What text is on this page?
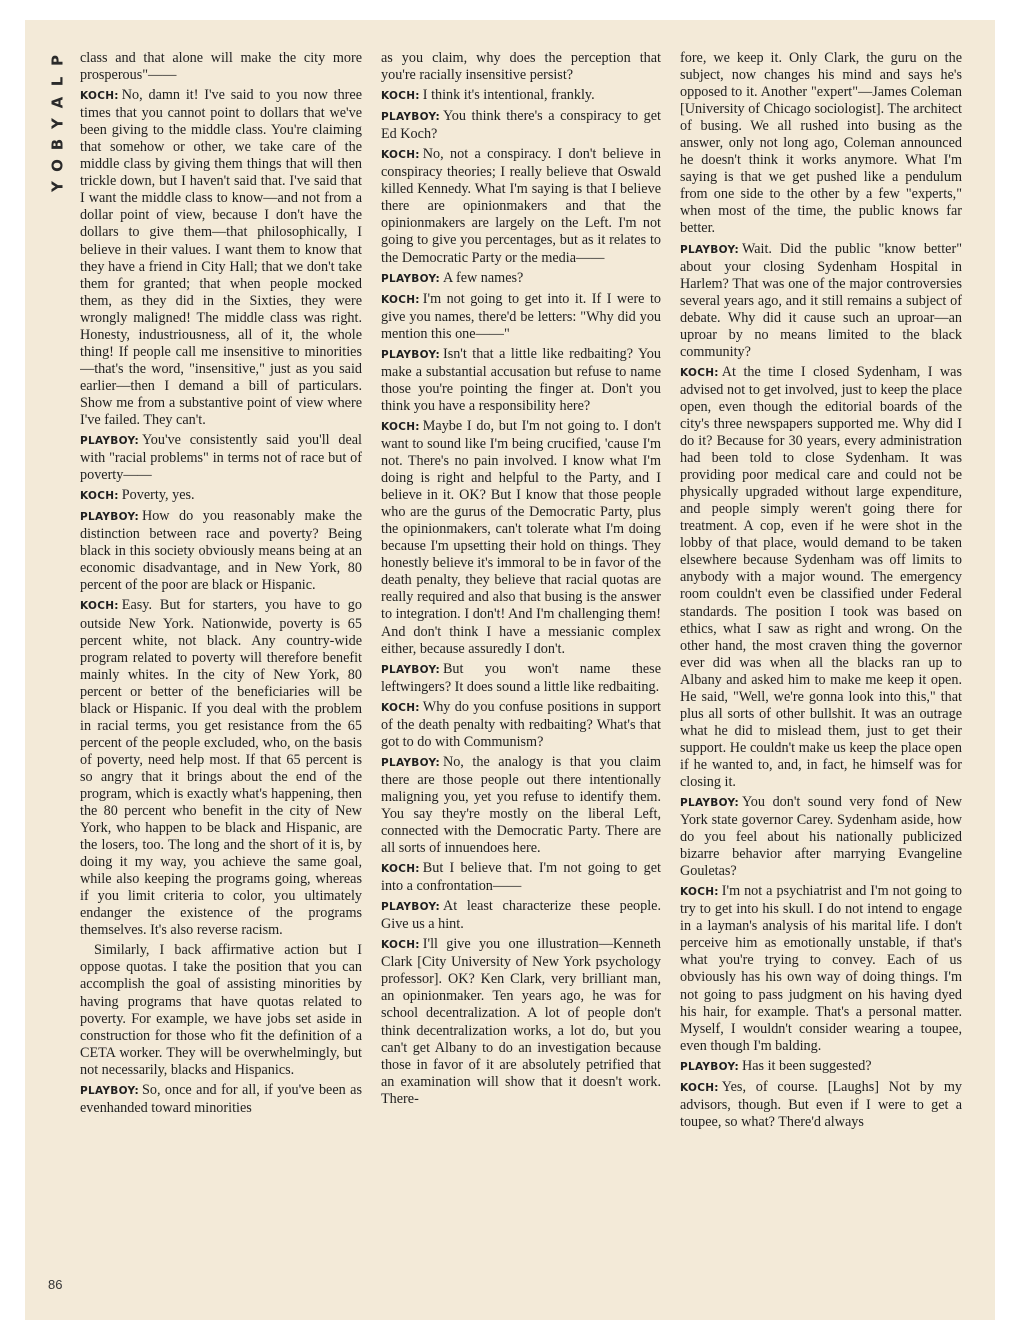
P
L
A
Y
B
O
Y
86

class and that alone will make the city more prosperous"——

KOCH: No, damn it! I've said to you now three times that you cannot point to dollars that we've been giving to the middle class. You're claiming that somehow or other, we take care of the middle class by giving them things that will then trickle down, but I haven't said that. I've said that I want the middle class to know—and not from a dollar point of view, because I don't have the dollars to give them—that philosophically, I believe in their values. I want them to know that they have a friend in City Hall; that we don't take them for granted; that when people mocked them, as they did in the Sixties, they were wrongly maligned! The middle class was right. Honesty, industriousness, all of it, the whole thing! If people call me insensitive to minorities—that's the word, "insensitive," just as you said earlier—then I demand a bill of particulars. Show me from a substantive point of view where I've failed. They can't.

PLAYBOY: You've consistently said you'll deal with "racial problems" in terms not of race but of poverty——

KOCH: Poverty, yes.

PLAYBOY: How do you reasonably make the distinction between race and poverty? Being black in this society obviously means being at an economic disadvantage, and in New York, 80 percent of the poor are black or Hispanic.

KOCH: Easy. But for starters, you have to go outside New York. Nationwide, poverty is 65 percent white, not black. Any country-wide program related to poverty will therefore benefit mainly whites. In the city of New York, 80 percent or better of the beneficiaries will be black or Hispanic. If you deal with the problem in racial terms, you get resistance from the 65 percent of the people excluded, who, on the basis of poverty, need help most. If that 65 percent is so angry that it brings about the end of the program, which is exactly what's happening, then the 80 percent who benefit in the city of New York, who happen to be black and Hispanic, are the losers, too. The long and the short of it is, by doing it my way, you achieve the same goal, while also keeping the programs going, whereas if you limit criteria to color, you ultimately endanger the existence of the programs themselves. It's also reverse racism.

Similarly, I back affirmative action but I oppose quotas. I take the position that you can accomplish the goal of assisting minorities by having programs that have quotas related to poverty. For example, we have jobs set aside in construction for those who fit the definition of a CETA worker. They will be overwhelmingly, but not necessarily, blacks and Hispanics.

PLAYBOY: So, once and for all, if you've been as evenhanded toward minorities

as you claim, why does the perception that you're racially insensitive persist?

KOCH: I think it's intentional, frankly.

PLAYBOY: You think there's a conspiracy to get Ed Koch?

KOCH: No, not a conspiracy. I don't believe in conspiracy theories; I really believe that Oswald killed Kennedy. What I'm saying is that I believe there are opinionmakers and that the opinionmakers are largely on the Left. I'm not going to give you percentages, but as it relates to the Democratic Party or the media——

PLAYBOY: A few names?

KOCH: I'm not going to get into it. If I were to give you names, there'd be letters: "Why did you mention this one——"

PLAYBOY: Isn't that a little like redbaiting? You make a substantial accusation but refuse to name those you're pointing the finger at. Don't you think you have a responsibility here?

KOCH: Maybe I do, but I'm not going to. I don't want to sound like I'm being crucified, 'cause I'm not. There's no pain involved. I know what I'm doing is right and helpful to the Party, and I believe in it. OK? But I know that those people who are the gurus of the Democratic Party, plus the opinionmakers, can't tolerate what I'm doing because I'm upsetting their hold on things. They honestly believe it's immoral to be in favor of the death penalty, they believe that racial quotas are really required and also that busing is the answer to integration. I don't! And I'm challenging them! And don't think I have a messianic complex either, because assuredly I don't.

PLAYBOY: But you won't name these leftwingers? It does sound a little like redbaiting.

KOCH: Why do you confuse positions in support of the death penalty with redbaiting? What's that got to do with Communism?

PLAYBOY: No, the analogy is that you claim there are those people out there intentionally maligning you, yet you refuse to identify them. You say they're mostly on the liberal Left, connected with the Democratic Party. There are all sorts of innuendoes here.

KOCH: But I believe that. I'm not going to get into a confrontation——

PLAYBOY: At least characterize these people. Give us a hint.

KOCH: I'll give you one illustration—Kenneth Clark [City University of New York psychology professor]. OK? Ken Clark, very brilliant man, an opinionmaker. Ten years ago, he was for school decentralization. A lot of people don't think decentralization works, a lot do, but you can't get Albany to do an investigation because those in favor of it are absolutely petrified that an examination will show that it doesn't work. There-

fore, we keep it. Only Clark, the guru on the subject, now changes his mind and says he's opposed to it. Another "expert"—James Coleman [University of Chicago sociologist]. The architect of busing. We all rushed into busing as the answer, only not long ago, Coleman announced he doesn't think it works anymore. What I'm saying is that we get pushed like a pendulum from one side to the other by a few "experts," when most of the time, the public knows far better.

PLAYBOY: Wait. Did the public "know better" about your closing Sydenham Hospital in Harlem? That was one of the major controversies several years ago, and it still remains a subject of debate. Why did it cause such an uproar—an uproar by no means limited to the black community?

KOCH: At the time I closed Sydenham, I was advised not to get involved, just to keep the place open, even though the editorial boards of the city's three newspapers supported me. Why did I do it? Because for 30 years, every administration had been told to close Sydenham. It was providing poor medical care and could not be physically upgraded without large expenditure, and people simply weren't going there for treatment. A cop, even if he were shot in the lobby of that place, would demand to be taken elsewhere because Sydenham was off limits to anybody with a major wound. The emergency room couldn't even be classified under Federal standards. The position I took was based on ethics, what I saw as right and wrong. On the other hand, the most craven thing the governor ever did was when all the blacks ran up to Albany and asked him to make me keep it open. He said, "Well, we're gonna look into this," that plus all sorts of other bullshit. It was an outrage what he did to mislead them, just to get their support. He couldn't make us keep the place open if he wanted to, and, in fact, he himself was for closing it.

PLAYBOY: You don't sound very fond of New York state governor Carey. Sydenham aside, how do you feel about his nationally publicized bizarre behavior after marrying Evangeline Gouletas?

KOCH: I'm not a psychiatrist and I'm not going to try to get into his skull. I do not intend to engage in a layman's analysis of his marital life. I don't perceive him as emotionally unstable, if that's what you're trying to convey. Each of us obviously has his own way of doing things. I'm not going to pass judgment on his having dyed his hair, for example. That's a personal matter. Myself, I wouldn't consider wearing a toupee, even though I'm balding.

PLAYBOY: Has it been suggested?

KOCH: Yes, of course. [Laughs] Not by my advisors, though. But even if I were to get a toupee, so what? There'd always
